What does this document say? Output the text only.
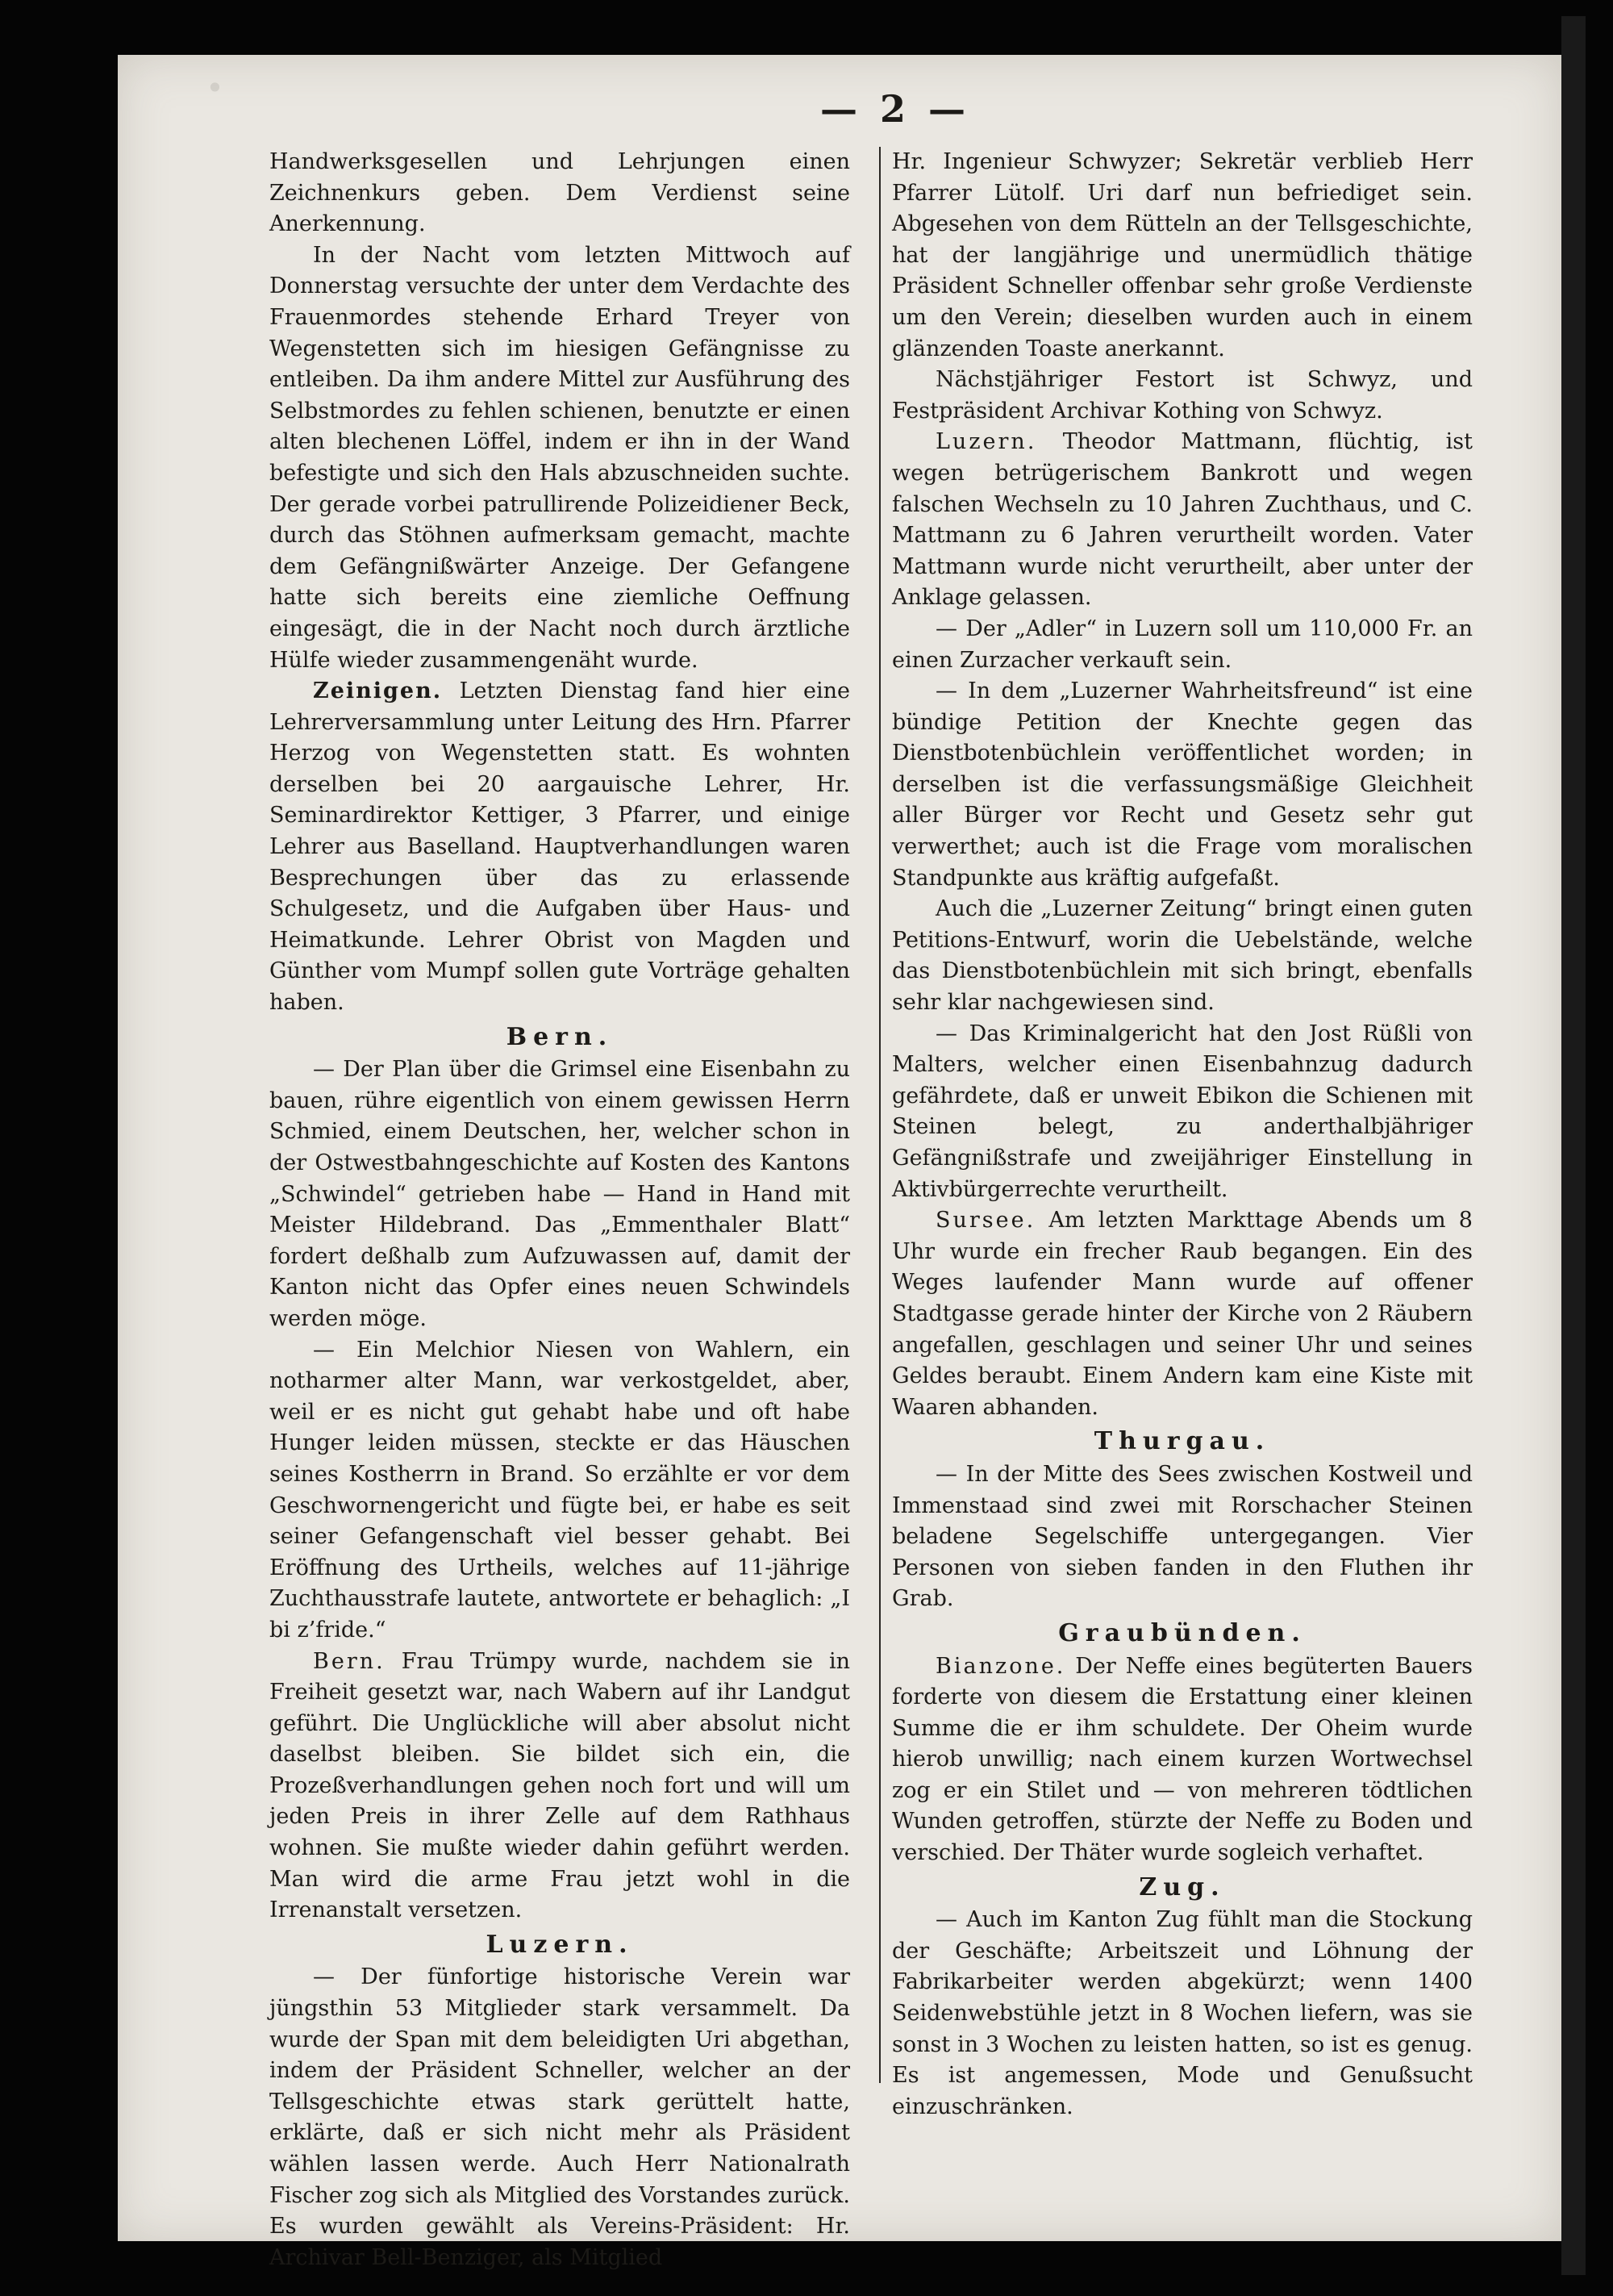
·	— 2 —

Handwerksgesellen und Lehrjungen einen Zeichnenkurs geben. Dem Verdienst seine Anerkennung.

In der Nacht vom letzten Mittwoch auf Donnerstag versuchte der unter dem Verdachte des Frauenmordes stehende Erhard Treyer von Wegenstetten sich im hiesigen Gefängnisse zu entleiben. Da ihm andere Mittel zur Ausführung des Selbstmordes zu fehlen schienen, benutzte er einen alten blechenen Löffel, indem er ihn in der Wand befestigte und sich den Hals abzuschneiden suchte. Der gerade vorbei patrullirende Polizeidiener Beck, durch das Stöhnen aufmerksam gemacht, machte dem Gefängnißwärter Anzeige. Der Gefangene hatte sich bereits eine ziemliche Oeffnung eingesägt, die in der Nacht noch durch ärztliche Hülfe wieder zusammengenäht wurde.

Zeinigen. Letzten Dienstag fand hier eine Lehrerversammlung unter Leitung des Hrn. Pfarrer Herzog von Wegenstetten statt. Es wohnten derselben bei 20 aargauische Lehrer, Hr. Seminardirektor Kettiger, 3 Pfarrer, und einige Lehrer aus Baselland. Hauptverhandlungen waren Besprechungen über das zu erlassende Schulgesetz, und die Aufgaben über Haus- und Heimatkunde. Lehrer Obrist von Magden und Günther vom Mumpf sollen gute Vorträge gehalten haben.

Bern.

— Der Plan über die Grimsel eine Eisenbahn zu bauen, rühre eigentlich von einem gewissen Herrn Schmied, einem Deutschen, her, welcher schon in der Ostwestbahngeschichte auf Kosten des Kantons „Schwindel“ getrieben habe — Hand in Hand mit Meister Hildebrand. Das „Emmenthaler Blatt“ fordert deßhalb zum Aufzuwassen auf, damit der Kanton nicht das Opfer eines neuen Schwindels werden möge.

— Ein Melchior Niesen von Wahlern, ein notharmer alter Mann, war verkostgeldet, aber, weil er es nicht gut gehabt habe und oft habe Hunger leiden müssen, steckte er das Häuschen seines Kostherrn in Brand. So erzählte er vor dem Geschwornengericht und fügte bei, er habe es seit seiner Gefangenschaft viel besser gehabt. Bei Eröffnung des Urtheils, welches auf 11-jährige Zuchthausstrafe lautete, antwortete er behaglich: „I bi z’fride.“

Bern. Frau Trümpy wurde, nachdem sie in Freiheit gesetzt war, nach Wabern auf ihr Landgut geführt. Die Unglückliche will aber absolut nicht daselbst bleiben. Sie bildet sich ein, die Prozeßverhandlungen gehen noch fort und will um jeden Preis in ihrer Zelle auf dem Rathhaus wohnen. Sie mußte wieder dahin geführt werden. Man wird die arme Frau jetzt wohl in die Irrenanstalt versetzen.

Luzern.

— Der fünfortige historische Verein war jüngsthin 53 Mitglieder stark versammelt. Da wurde der Span mit dem beleidigten Uri abgethan, indem der Präsident Schneller, welcher an der Tellsgeschichte etwas stark gerüttelt hatte, erklärte, daß er sich nicht mehr als Präsident wählen lassen werde. Auch Herr Nationalrath Fischer zog sich als Mitglied des Vorstandes zurück. Es wurden gewählt als Vereins-Präsident: Hr. Archivar Bell-Benziger, als Mitglied

Hr. Ingenieur Schwyzer; Sekretär verblieb Herr Pfarrer Lütolf. Uri darf nun befriediget sein. Abgesehen von dem Rütteln an der Tellsgeschichte, hat der langjährige und unermüdlich thätige Präsident Schneller offenbar sehr große Verdienste um den Verein; dieselben wurden auch in einem glänzenden Toaste anerkannt.

Nächstjähriger Festort ist Schwyz, und Festpräsident Archivar Kothing von Schwyz.

Luzern. Theodor Mattmann, flüchtig, ist wegen betrügerischem Bankrott und wegen falschen Wechseln zu 10 Jahren Zuchthaus, und C. Mattmann zu 6 Jahren verurtheilt worden. Vater Mattmann wurde nicht verurtheilt, aber unter der Anklage gelassen.

— Der „Adler“ in Luzern soll um 110,000 Fr. an einen Zurzacher verkauft sein.

— In dem „Luzerner Wahrheitsfreund“ ist eine bündige Petition der Knechte gegen das Dienstbotenbüchlein veröffentlichet worden; in derselben ist die verfassungsmäßige Gleichheit aller Bürger vor Recht und Gesetz sehr gut verwerthet; auch ist die Frage vom moralischen Standpunkte aus kräftig aufgefaßt.

Auch die „Luzerner Zeitung“ bringt einen guten Petitions-Entwurf, worin die Uebelstände, welche das Dienstbotenbüchlein mit sich bringt, ebenfalls sehr klar nachgewiesen sind.

— Das Kriminalgericht hat den Jost Rüßli von Malters, welcher einen Eisenbahnzug dadurch gefährdete, daß er unweit Ebikon die Schienen mit Steinen belegt, zu anderthalbjähriger Gefängnißstrafe und zweijähriger Einstellung in Aktivbürgerrechte verurtheilt.

Sursee. Am letzten Markttage Abends um 8 Uhr wurde ein frecher Raub begangen. Ein des Weges laufender Mann wurde auf offener Stadtgasse gerade hinter der Kirche von 2 Räubern angefallen, geschlagen und seiner Uhr und seines Geldes beraubt. Einem Andern kam eine Kiste mit Waaren abhanden.

Thurgau.

— In der Mitte des Sees zwischen Kostweil und Immenstaad sind zwei mit Rorschacher Steinen beladene Segelschiffe untergegangen. Vier Personen von sieben fanden in den Fluthen ihr Grab.

Graubünden.

Bianzone. Der Neffe eines begüterten Bauers forderte von diesem die Erstattung einer kleinen Summe die er ihm schuldete. Der Oheim wurde hierob unwillig; nach einem kurzen Wortwechsel zog er ein Stilet und — von mehreren tödtlichen Wunden getroffen, stürzte der Neffe zu Boden und verschied. Der Thäter wurde sogleich verhaftet.

Zug.

— Auch im Kanton Zug fühlt man die Stockung der Geschäfte; Arbeitszeit und Löhnung der Fabrikarbeiter werden abgekürzt; wenn 1400 Seidenwebstühle jetzt in 8 Wochen liefern, was sie sonst in 3 Wochen zu leisten hatten, so ist es genug. Es ist angemessen, Mode und Genußsucht einzuschränken.
